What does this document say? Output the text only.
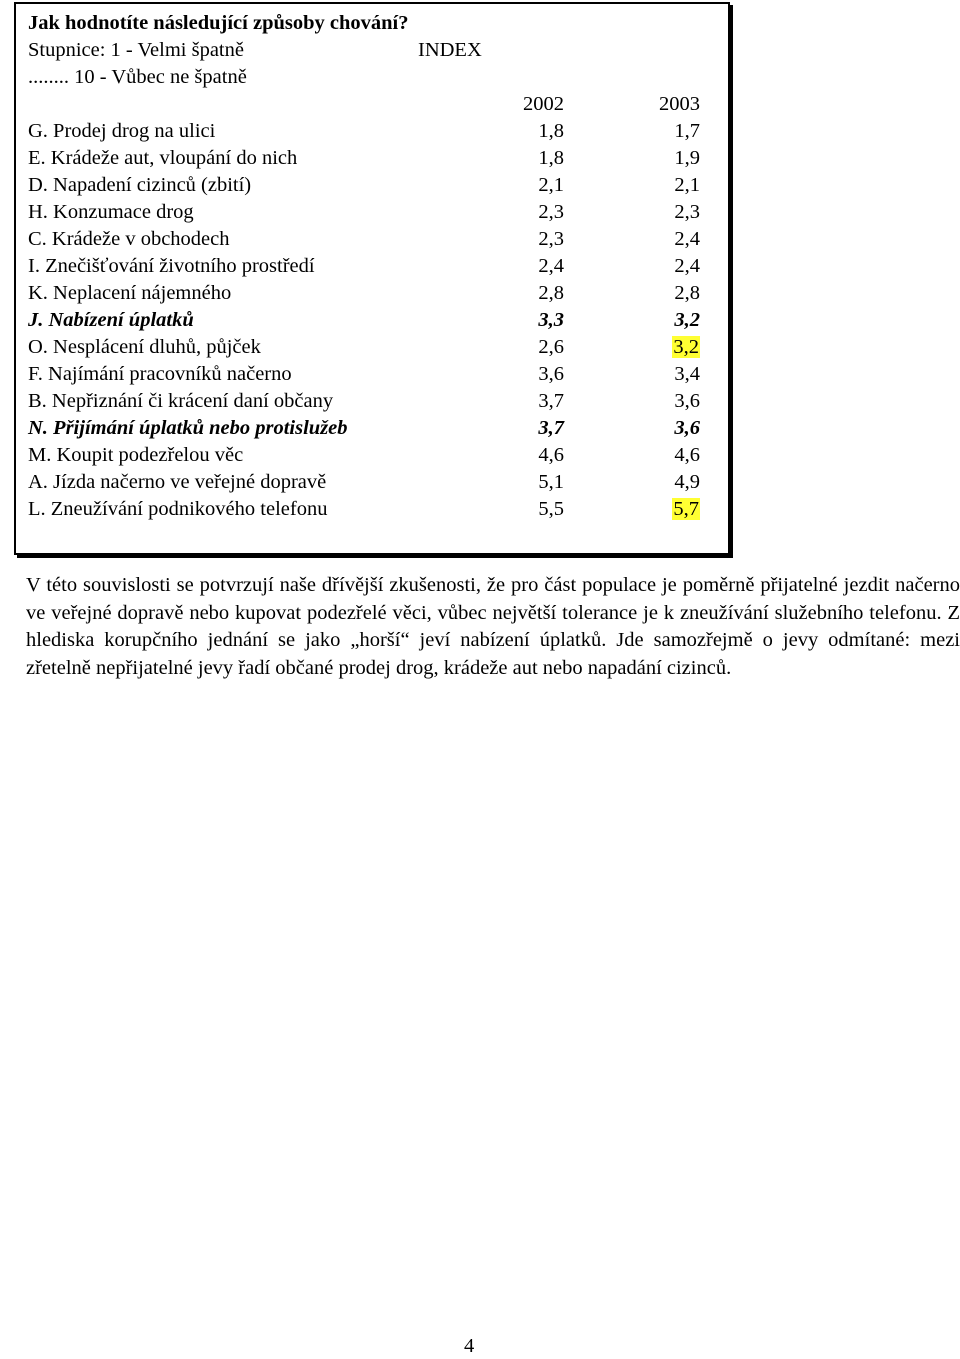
Jak hodnotíte následující způsoby chování?
Stupnice: 1 - Velmi špatně	INDEX
........ 10 - Vůbec ne špatně
2002	2003
G. Prodej drog na ulici	1,8	1,7
E. Krádeže aut, vloupání do nich	1,8	1,9
D. Napadení cizinců (zbití)	2,1	2,1
H. Konzumace drog	2,3	2,3
C. Krádeže v obchodech	2,3	2,4
I. Znečišťování životního prostředí	2,4	2,4
K. Neplacení nájemného	2,8	2,8
J. Nabízení úplatků	3,3	3,2
O. Nesplácení dluhů, půjček	2,6	3,2
F. Najímání pracovníků načerno	3,6	3,4
B. Nepřiznání či krácení daní občany	3,7	3,6
N. Přijímání úplatků nebo protislužeb	3,7	3,6
M. Koupit podezřelou věc	4,6	4,6
A. Jízda načerno ve veřejné dopravě	5,1	4,9
L. Zneužívání podnikového telefonu	5,5	5,7
V této souvislosti se potvrzují naše dřívější zkušenosti, že pro část populace je poměrně přijatelné jezdit načerno ve veřejné dopravě nebo kupovat podezřelé věci, vůbec největší tolerance je k zneužívání služebního telefonu. Z hlediska korupčního jednání se jako „horší“ jeví nabízení úplatků. Jde samozřejmě o jevy odmítané: mezi zřetelně nepřijatelné jevy řadí občané prodej drog, krádeže aut nebo napadání cizinců.
4
